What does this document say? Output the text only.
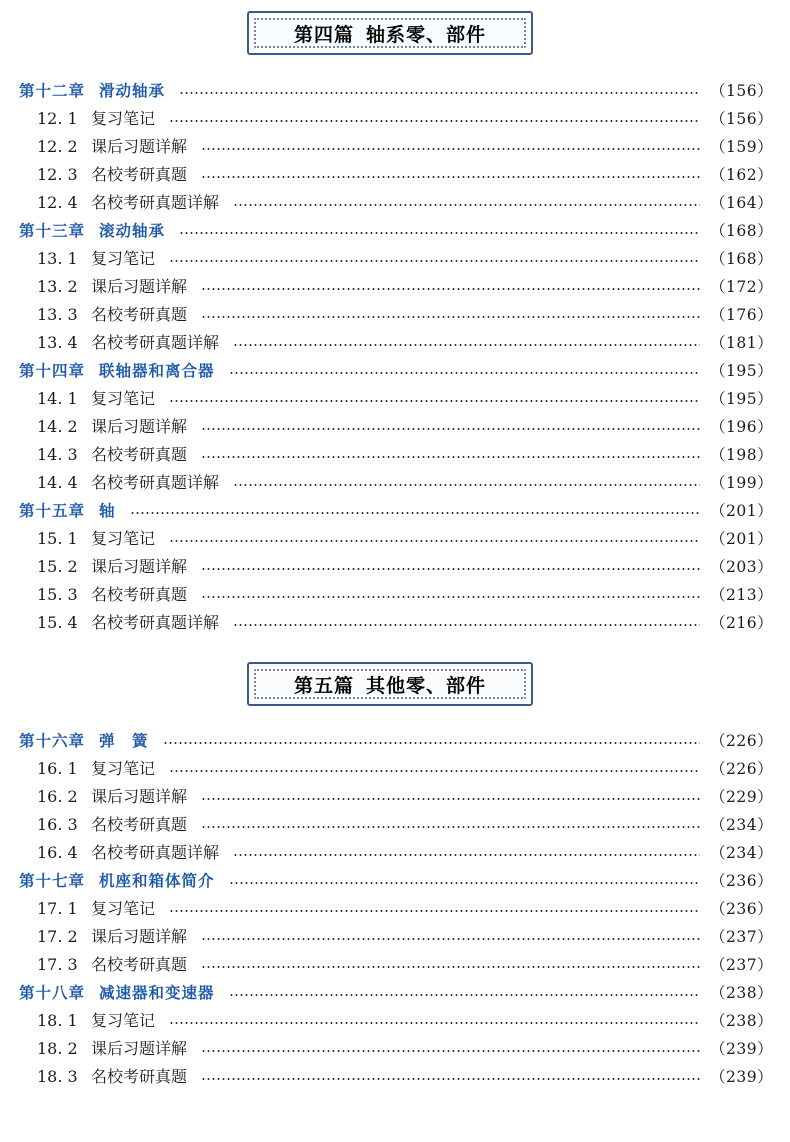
第四篇 轴系零、部件
第十二章 滑动轴承	（156）
12. 1 复习笔记	（156）
12. 2 课后习题详解	（159）
12. 3 名校考研真题	（162）
12. 4 名校考研真题详解	（164）
第十三章 滚动轴承	（168）
13. 1 复习笔记	（168）
13. 2 课后习题详解	（172）
13. 3 名校考研真题	（176）
13. 4 名校考研真题详解	（181）
第十四章 联轴器和离合器	（195）
14. 1 复习笔记	（195）
14. 2 课后习题详解	（196）
14. 3 名校考研真题	（198）
14. 4 名校考研真题详解	（199）
第十五章 轴	（201）
15. 1 复习笔记	（201）
15. 2 课后习题详解	（203）
15. 3 名校考研真题	（213）
15. 4 名校考研真题详解	（216）
第五篇 其他零、部件
第十六章 弹　簧	（226）
16. 1 复习笔记	（226）
16. 2 课后习题详解	（229）
16. 3 名校考研真题	（234）
16. 4 名校考研真题详解	（234）
第十七章 机座和箱体简介	（236）
17. 1 复习笔记	（236）
17. 2 课后习题详解	（237）
17. 3 名校考研真题	（237）
第十八章 减速器和变速器	（238）
18. 1 复习笔记	（238）
18. 2 课后习题详解	（239）
18. 3 名校考研真题	（239）
